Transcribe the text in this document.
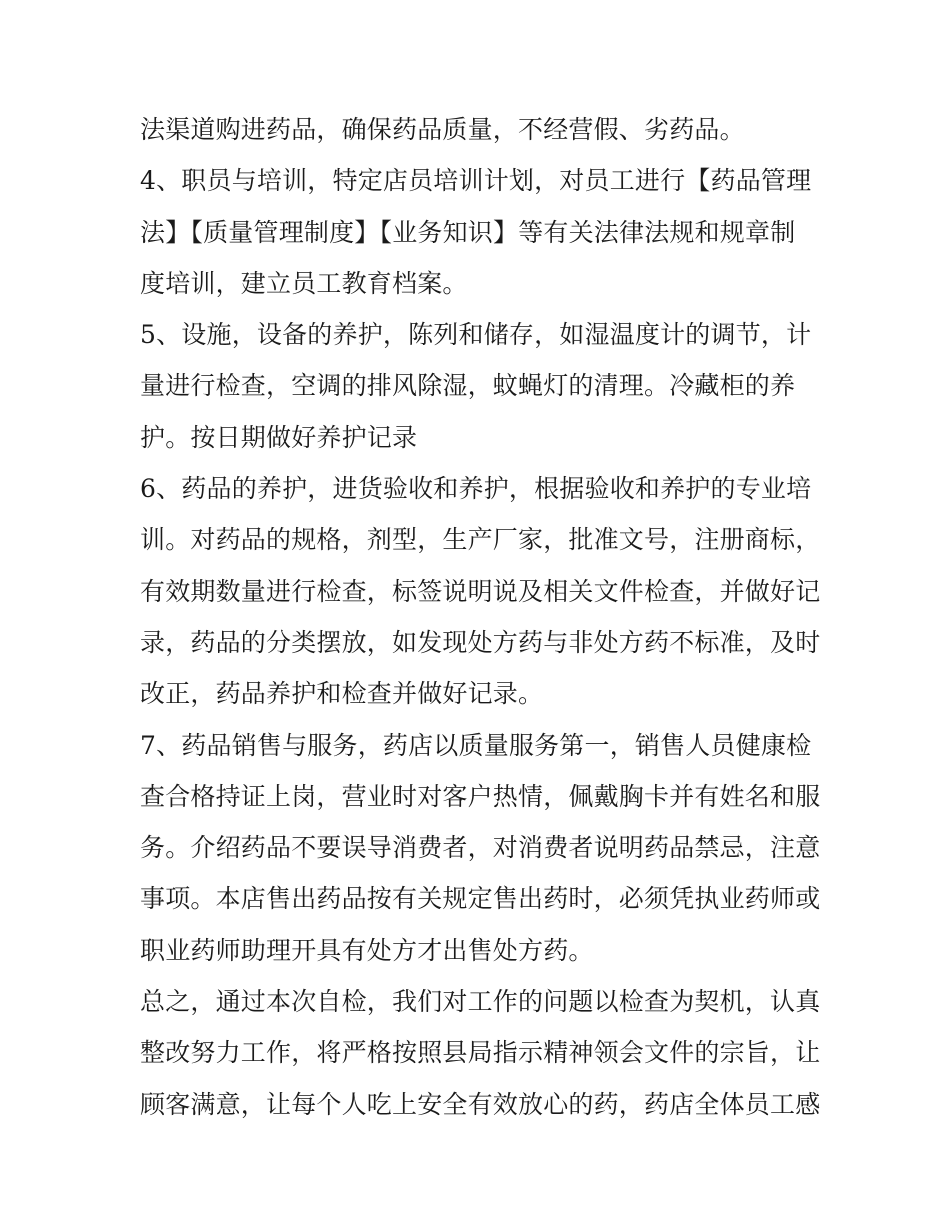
法渠道购进药品，确保药品质量，不经营假、劣药品。
4、职员与培训，特定店员培训计划，对员工进行【药品管理
法】【质量管理制度】【业务知识】等有关法律法规和规章制
度培训，建立员工教育档案。
5、设施，设备的养护，陈列和储存，如湿温度计的调节，计
量进行检查，空调的排风除湿，蚊蝇灯的清理。冷藏柜的养
护。按日期做好养护记录
6、药品的养护，进货验收和养护，根据验收和养护的专业培
训。对药品的规格，剂型，生产厂家，批准文号，注册商标，
有效期数量进行检查，标签说明说及相关文件检查，并做好记
录，药品的分类摆放，如发现处方药与非处方药不标准，及时
改正，药品养护和检查并做好记录。
7、药品销售与服务，药店以质量服务第一，销售人员健康检
查合格持证上岗，营业时对客户热情，佩戴胸卡并有姓名和服
务。介绍药品不要误导消费者，对消费者说明药品禁忌，注意
事项。本店售出药品按有关规定售出药时，必须凭执业药师或
职业药师助理开具有处方才出售处方药。
总之，通过本次自检，我们对工作的问题以检查为契机，认真
整改努力工作，将严格按照县局指示精神领会文件的宗旨，让
顾客满意，让每个人吃上安全有效放心的药，药店全体员工感
